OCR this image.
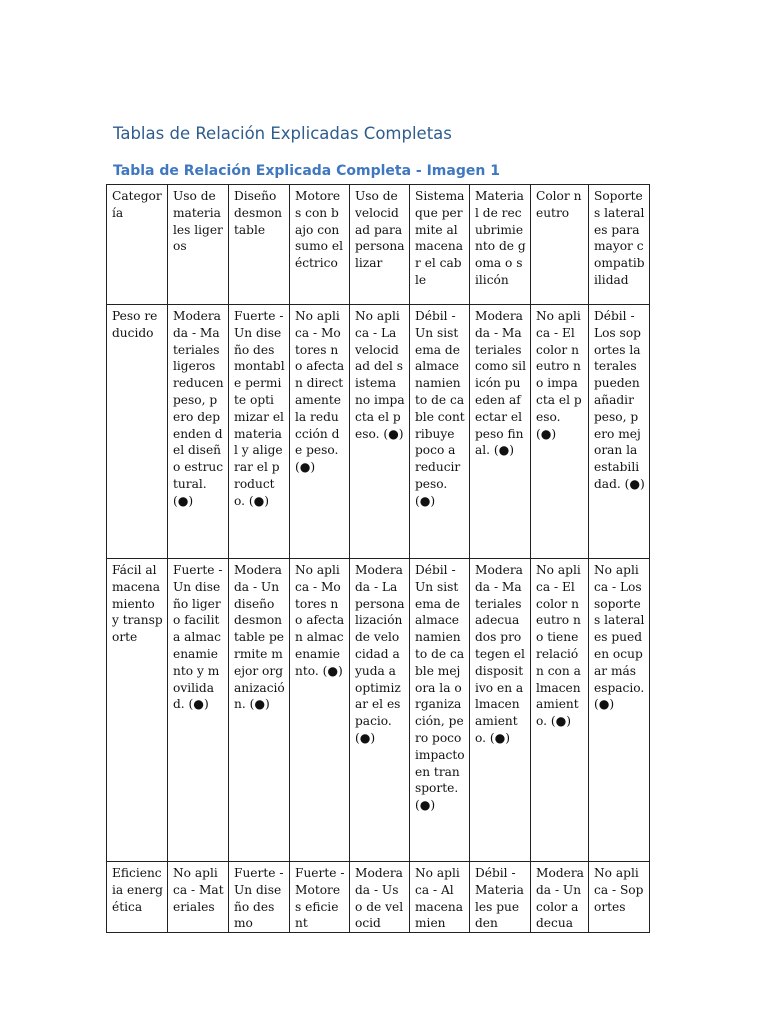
Tablas de Relación Explicadas Completas
Tabla de Relación Explicada Completa - Imagen 1
Categoría	Uso de materiales ligeros	Diseño desmontable	Motores con bajo consumo eléctrico	Uso de velocidad para personalizar	Sistema que permite almacenar el cable	Material de recubrimiento de goma o silicón	Color neutro	Soportes laterales para mayor compatibilidad
Peso reducido	Moderada - Materiales ligeros reducen peso, pero dependen del diseño estructural. (●)	Fuerte - Un diseño desmontable permite optimizar el material y aligerar el producto. (●)	No aplica - Motores no afectan directamente la reducción de peso. (●)	No aplica - La velocidad del sistema no impacta el peso. (●)	Débil - Un sistema de almacenamiento de cable contribuye poco a reducir peso. (●)	Moderada - Materiales como silicón pueden afectar el peso final. (●)	No aplica - El color neutro no impacta el peso. (●)	Débil - Los soportes laterales pueden añadir peso, pero mejoran la estabilidad. (●)
Fácil almacenamiento y transporte	Fuerte - Un diseño ligero facilita almacenamiento y movilidad. (●)	Moderada - Un diseño desmontable permite mejor organización. (●)	No aplica - Motores no afectan almacenamiento. (●)	Moderada - La personalización de velocidad ayuda a optimizar el espacio. (●)	Débil - Un sistema de almacenamiento de cable mejora la organización, pero poco impacto en transporte. (●)	Moderada - Materiales adecuados protegen el dispositivo en almacenamiento. (●)	No aplica - El color neutro no tiene relación con almacenamiento. (●)	No aplica - Los soportes laterales pueden ocupar más espacio. (●)
Eficiencia energética	No aplica - Materiales	Fuerte - Un diseño desmo	Fuerte - Motores eficient	Moderada - Uso de velocid	No aplica - Almacenamien	Débil - Materiales pueden	Moderada - Un color adecua	No aplica - Soportes
